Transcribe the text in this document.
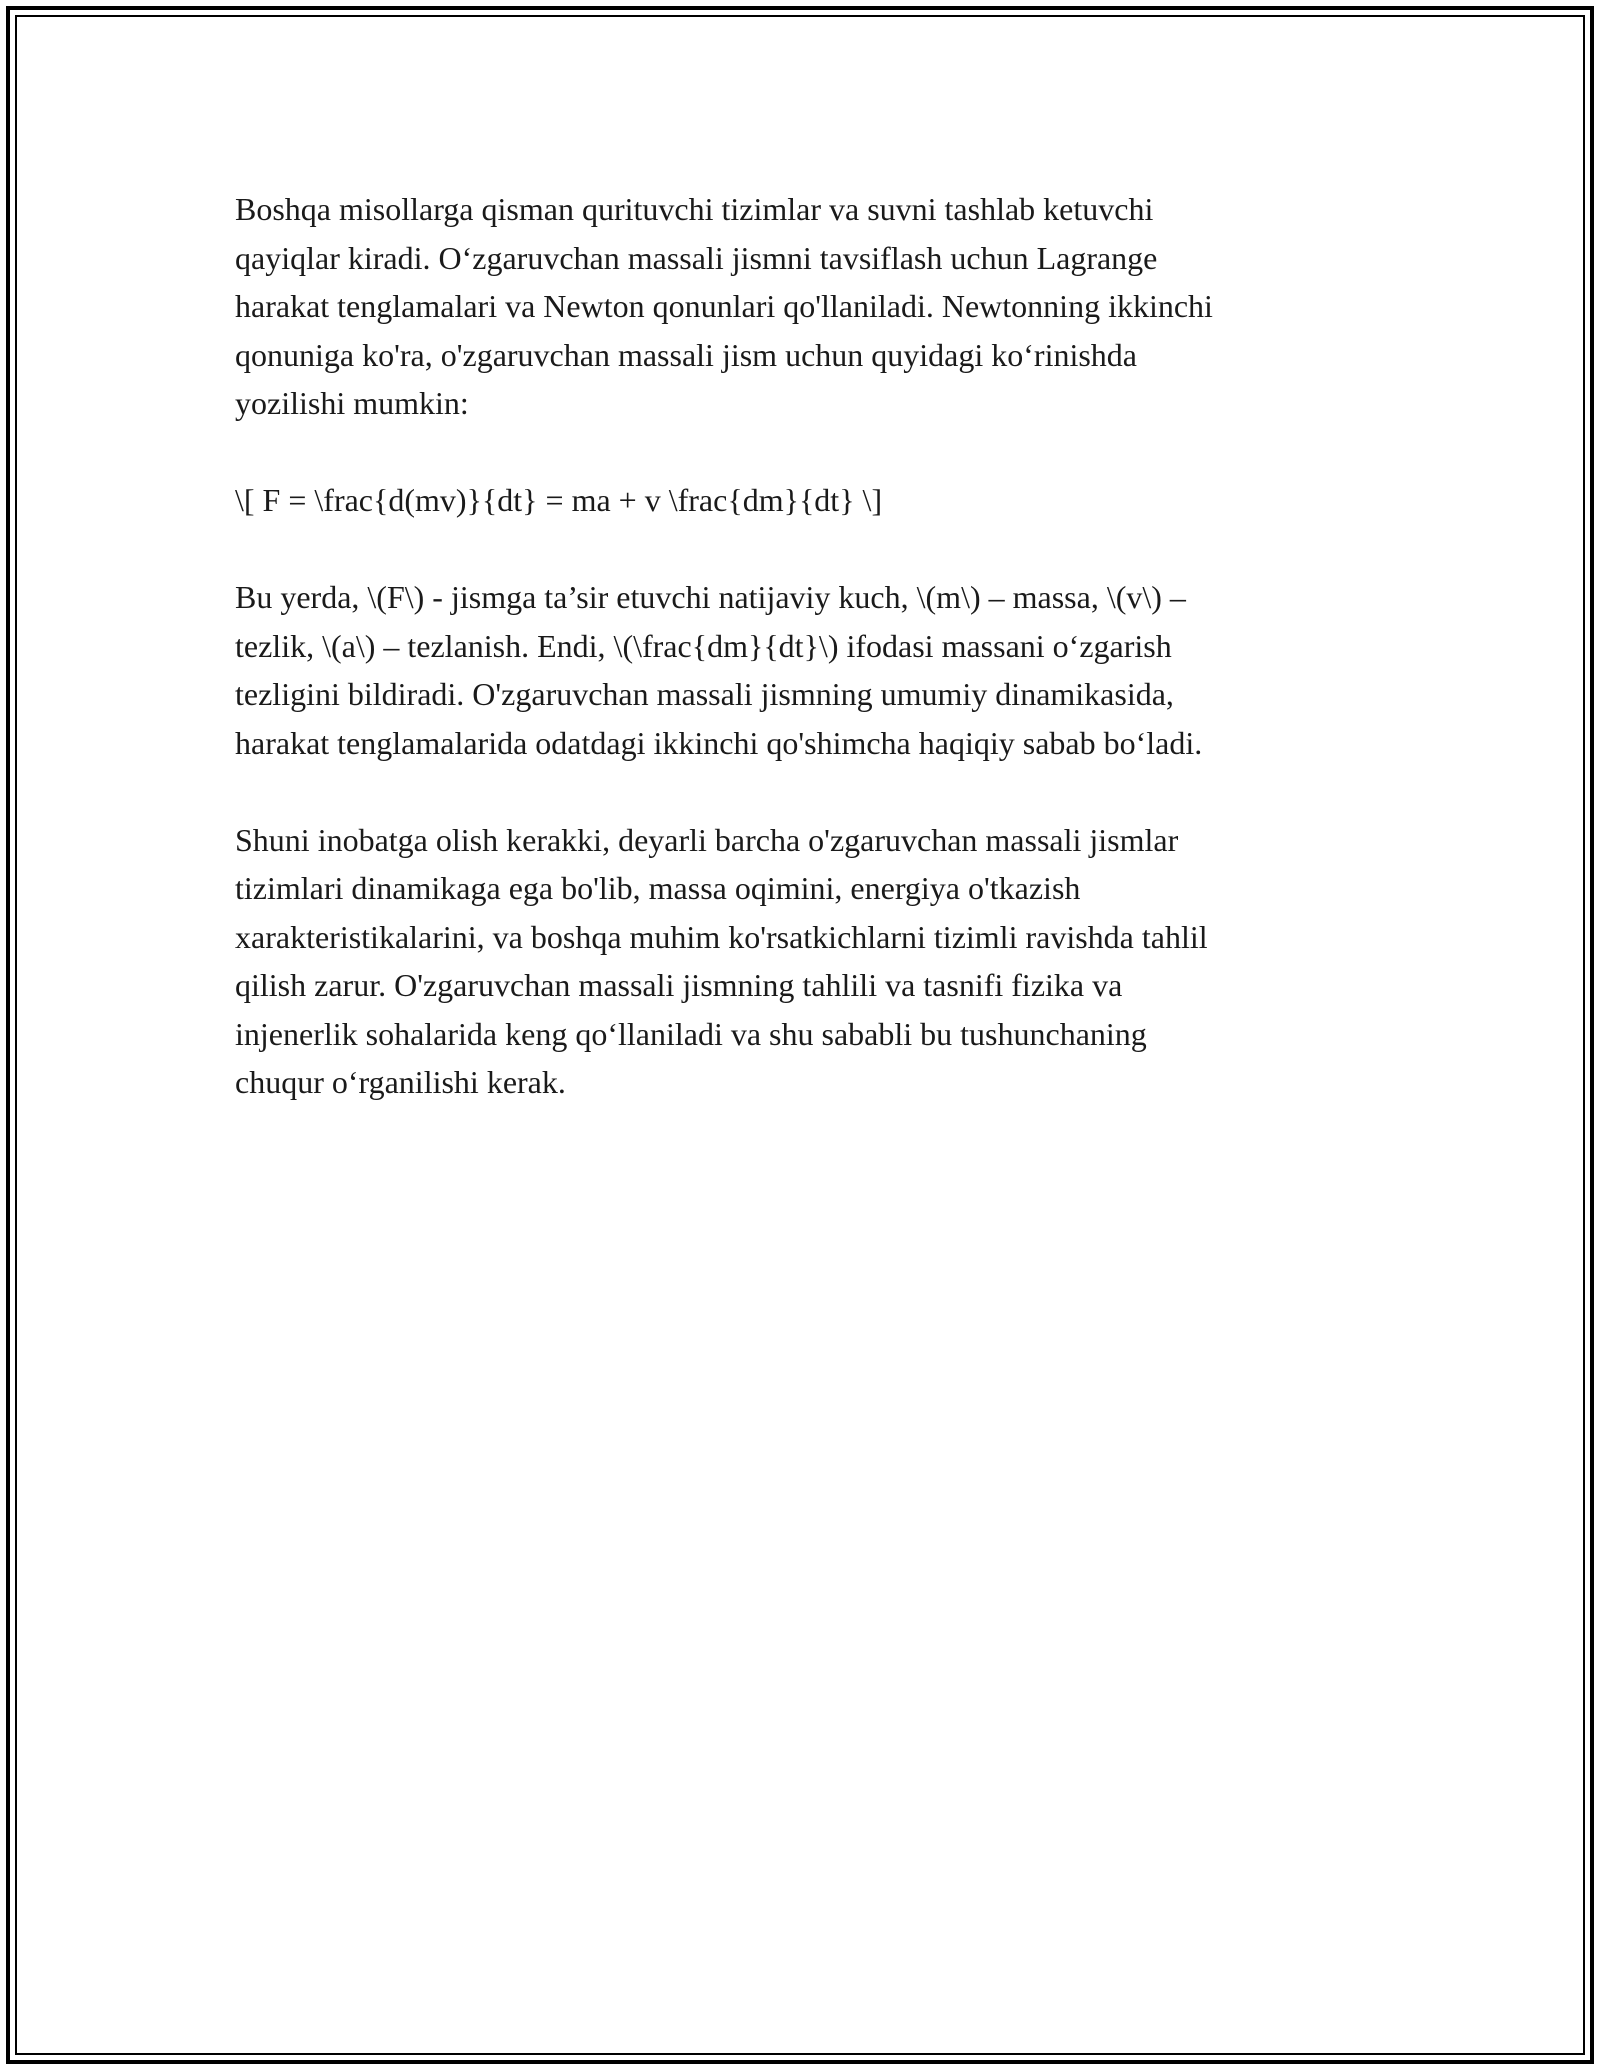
Boshqa misollarga qisman qurituvchi tizimlar va suvni tashlab ketuvchi
qayiqlar kiradi. O‘zgaruvchan massali jismni tavsiflash uchun Lagrange
harakat tenglamalari va Newton qonunlari qo'llaniladi. Newtonning ikkinchi
qonuniga ko'ra, o'zgaruvchan massali jism uchun quyidagi ko‘rinishda
yozilishi mumkin:

\[ F = \frac{d(mv)}{dt} = ma + v \frac{dm}{dt} \]

Bu yerda, \(F\) - jismga ta’sir etuvchi natijaviy kuch, \(m\) – massa, \(v\) –
tezlik, \(a\) – tezlanish. Endi, \(\frac{dm}{dt}\) ifodasi massani o‘zgarish
tezligini bildiradi. O'zgaruvchan massali jismning umumiy dinamikasida,
harakat tenglamalarida odatdagi ikkinchi qo'shimcha haqiqiy sabab bo‘ladi.

Shuni inobatga olish kerakki, deyarli barcha o'zgaruvchan massali jismlar
tizimlari dinamikaga ega bo'lib, massa oqimini, energiya o'tkazish
xarakteristikalarini, va boshqa muhim ko'rsatkichlarni tizimli ravishda tahlil
qilish zarur. O'zgaruvchan massali jismning tahlili va tasnifi fizika va
injenerlik sohalarida keng qo‘llaniladi va shu sababli bu tushunchaning
chuqur o‘rganilishi kerak.
